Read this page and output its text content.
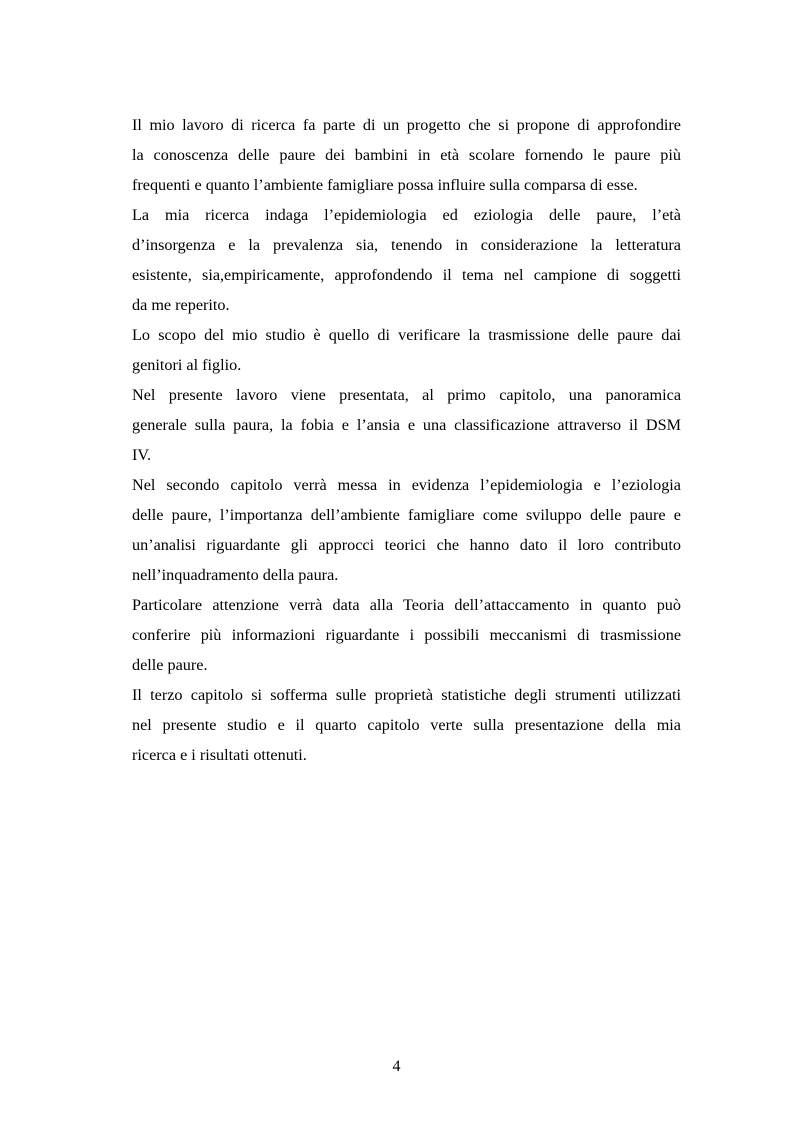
Il mio lavoro di ricerca fa parte di un progetto che si propone di approfondire
la conoscenza delle paure dei bambini in età scolare fornendo le paure più
frequenti e quanto l’ambiente famigliare possa influire sulla comparsa di esse.

La mia ricerca indaga l’epidemiologia ed eziologia delle paure, l’età
d’insorgenza e la prevalenza sia, tenendo in considerazione la letteratura
esistente, sia,empiricamente, approfondendo il tema nel campione di soggetti
da me reperito.

Lo scopo del mio studio è quello di verificare la trasmissione delle paure dai
genitori al figlio.

Nel presente lavoro viene presentata, al primo capitolo, una panoramica
generale sulla paura, la fobia e l’ansia e una classificazione attraverso il DSM
IV.

Nel secondo capitolo verrà messa in evidenza l’epidemiologia e l’eziologia
delle paure, l’importanza dell’ambiente famigliare come sviluppo delle paure e
un’analisi riguardante gli approcci teorici che hanno dato il loro contributo
nell’inquadramento della paura.

Particolare attenzione verrà data alla Teoria dell’attaccamento in quanto può
conferire più informazioni riguardante i possibili meccanismi di trasmissione
delle paure.

Il terzo capitolo si sofferma sulle proprietà statistiche degli strumenti utilizzati
nel presente studio e il quarto capitolo verte sulla presentazione della mia
ricerca e i risultati ottenuti.

4
